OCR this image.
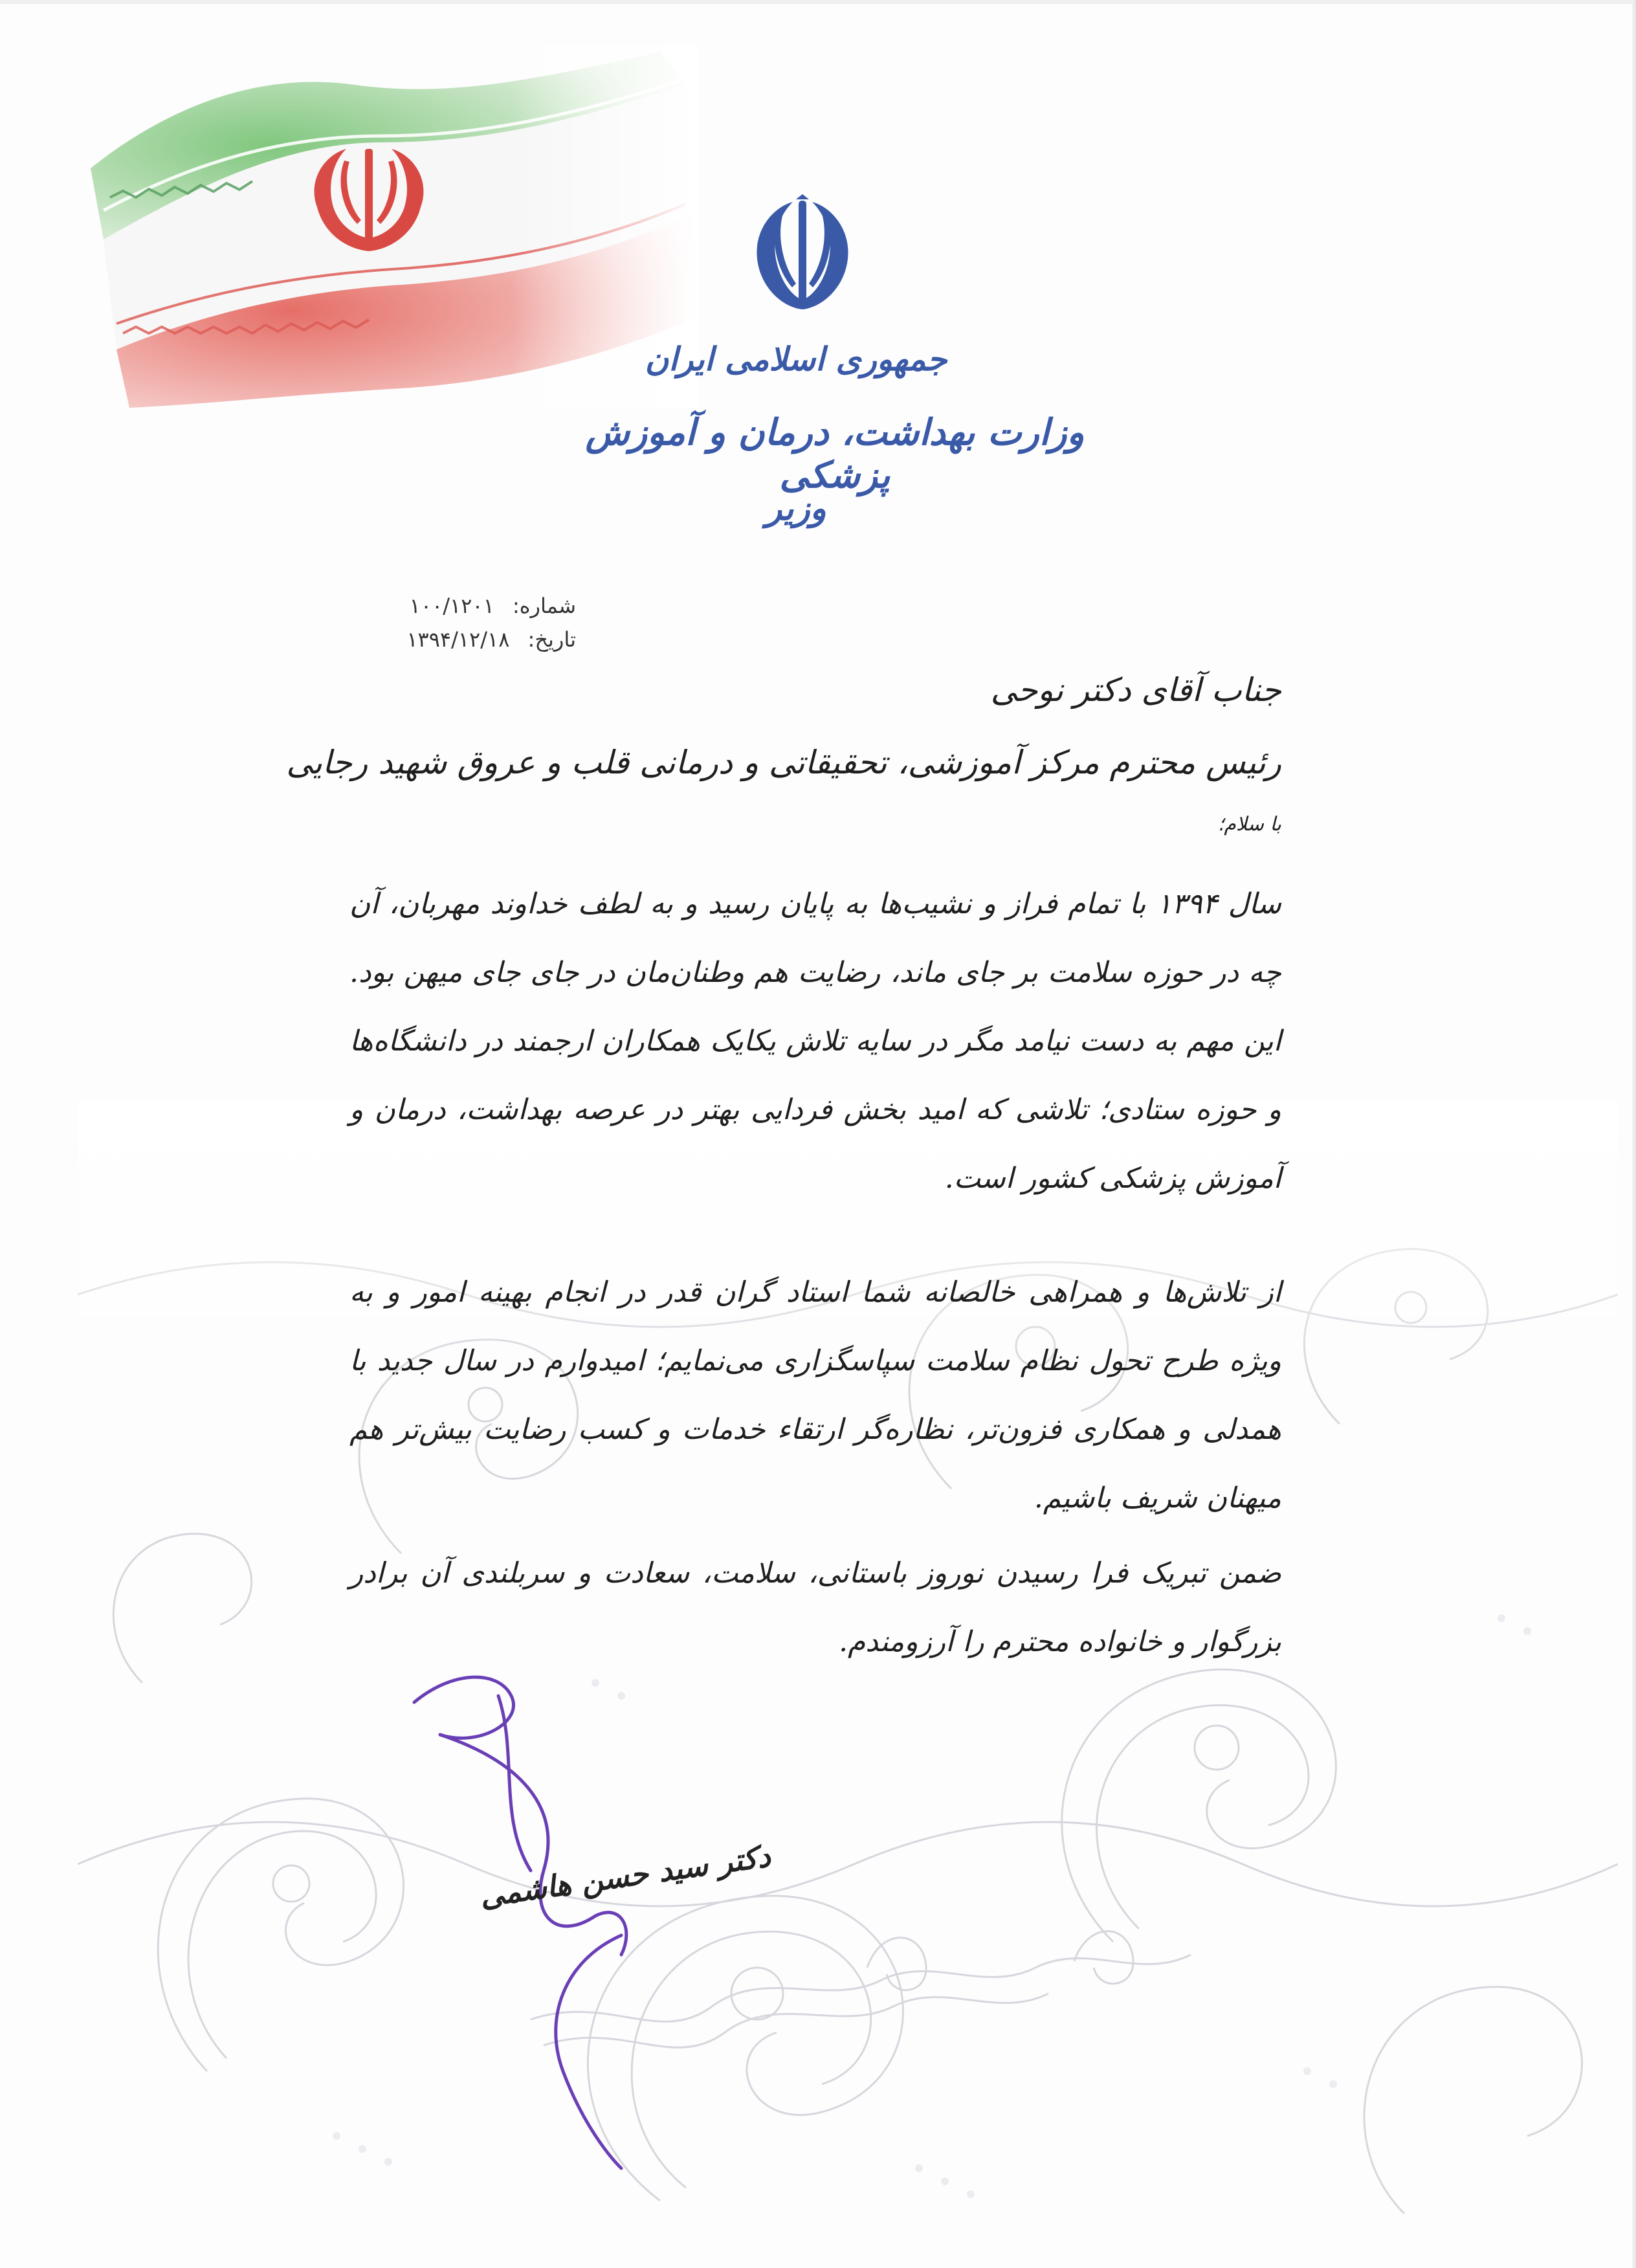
جمهوری اسلامی ایران
وزارت بهداشت، درمان و آموزش پزشکی
وزیر
شماره: ۱۰۰/۱۲۰۱
تاریخ: ۱۳۹۴/۱۲/۱۸

جناب آقای دکتر نوحی

رئیس محترم مرکز آموزشی، تحقیقاتی و درمانی قلب و عروق شهید رجایی

با سلام؛

سال ۱۳۹۴ با تمام فراز و نشیب‌ها به پایان رسید و به لطف خداوند مهربان، آن چه در حوزه سلامت بر جای ماند، رضایت هم وطنان‌مان در جای جای میهن بود. این مهم به دست نیامد مگر در سایه تلاش یکایک همکاران ارجمند در دانشگاه‌ها و حوزه ستادی؛ تلاشی که امید بخش فردایی بهتر در عرصه بهداشت، درمان و آموزش پزشکی کشور است.

از تلاش‌ها و همراهی خالصانه شما استاد گران قدر در انجام بهینه امور و به ویژه طرح تحول نظام سلامت سپاسگزاری می‌نمایم؛ امیدوارم در سال جدید با همدلی و همکاری فزون‌تر، نظاره‌گر ارتقاء خدمات و کسب رضایت بیش‌تر هم میهنان شریف باشیم.

ضمن تبریک فرا رسیدن نوروز باستانی، سلامت، سعادت و سربلندی آن برادر بزرگوار و خانواده محترم را آرزومندم.

دکتر سید حسن هاشمی
